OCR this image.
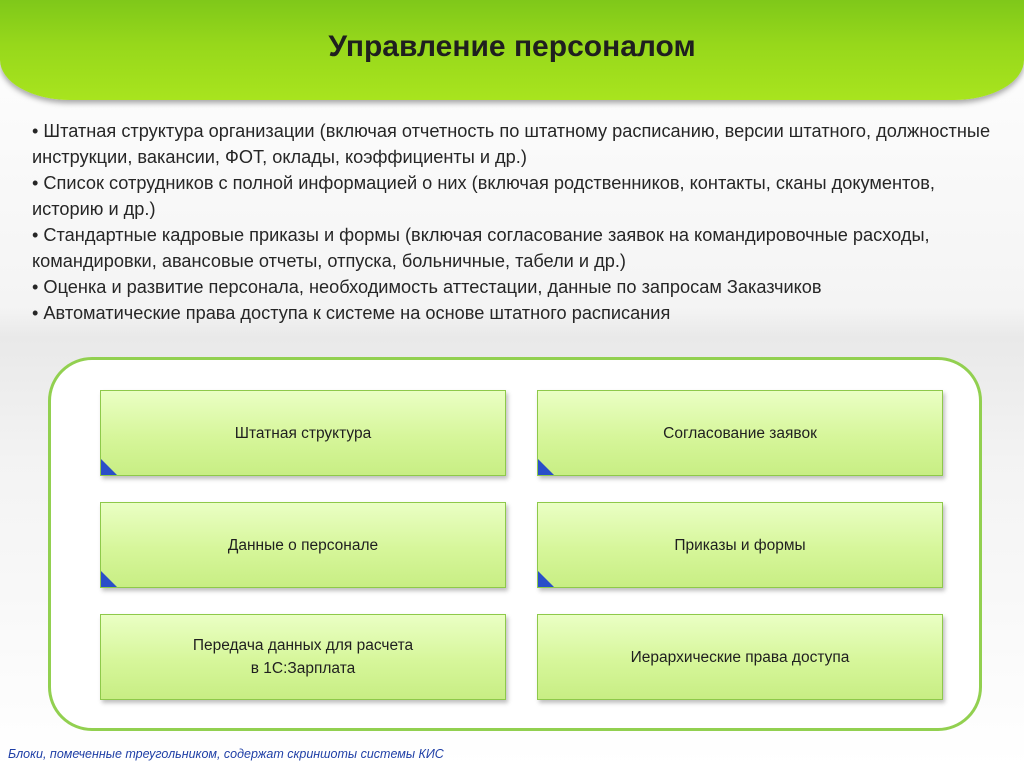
Управление персоналом
• Штатная структура организации (включая отчетность по штатному расписанию, версии штатного, должностные инструкции, вакансии, ФОТ, оклады, коэффициенты и др.)
• Список сотрудников с полной информацией о них (включая родственников, контакты, сканы документов, историю и др.)
• Стандартные кадровые приказы и формы (включая согласование заявок на командировочные расходы, командировки, авансовые отчеты, отпуска, больничные, табели и др.)
• Оценка и развитие персонала, необходимость аттестации, данные по запросам Заказчиков
• Автоматические права доступа к системе на основе штатного расписания
Штатная структура	Согласование заявок
Данные о персонале	Приказы и формы
Передача данных для расчета
в 1С:Зарплата
Иерархические права доступа
Блоки, помеченные треугольником, содержат скриншоты системы КИС
